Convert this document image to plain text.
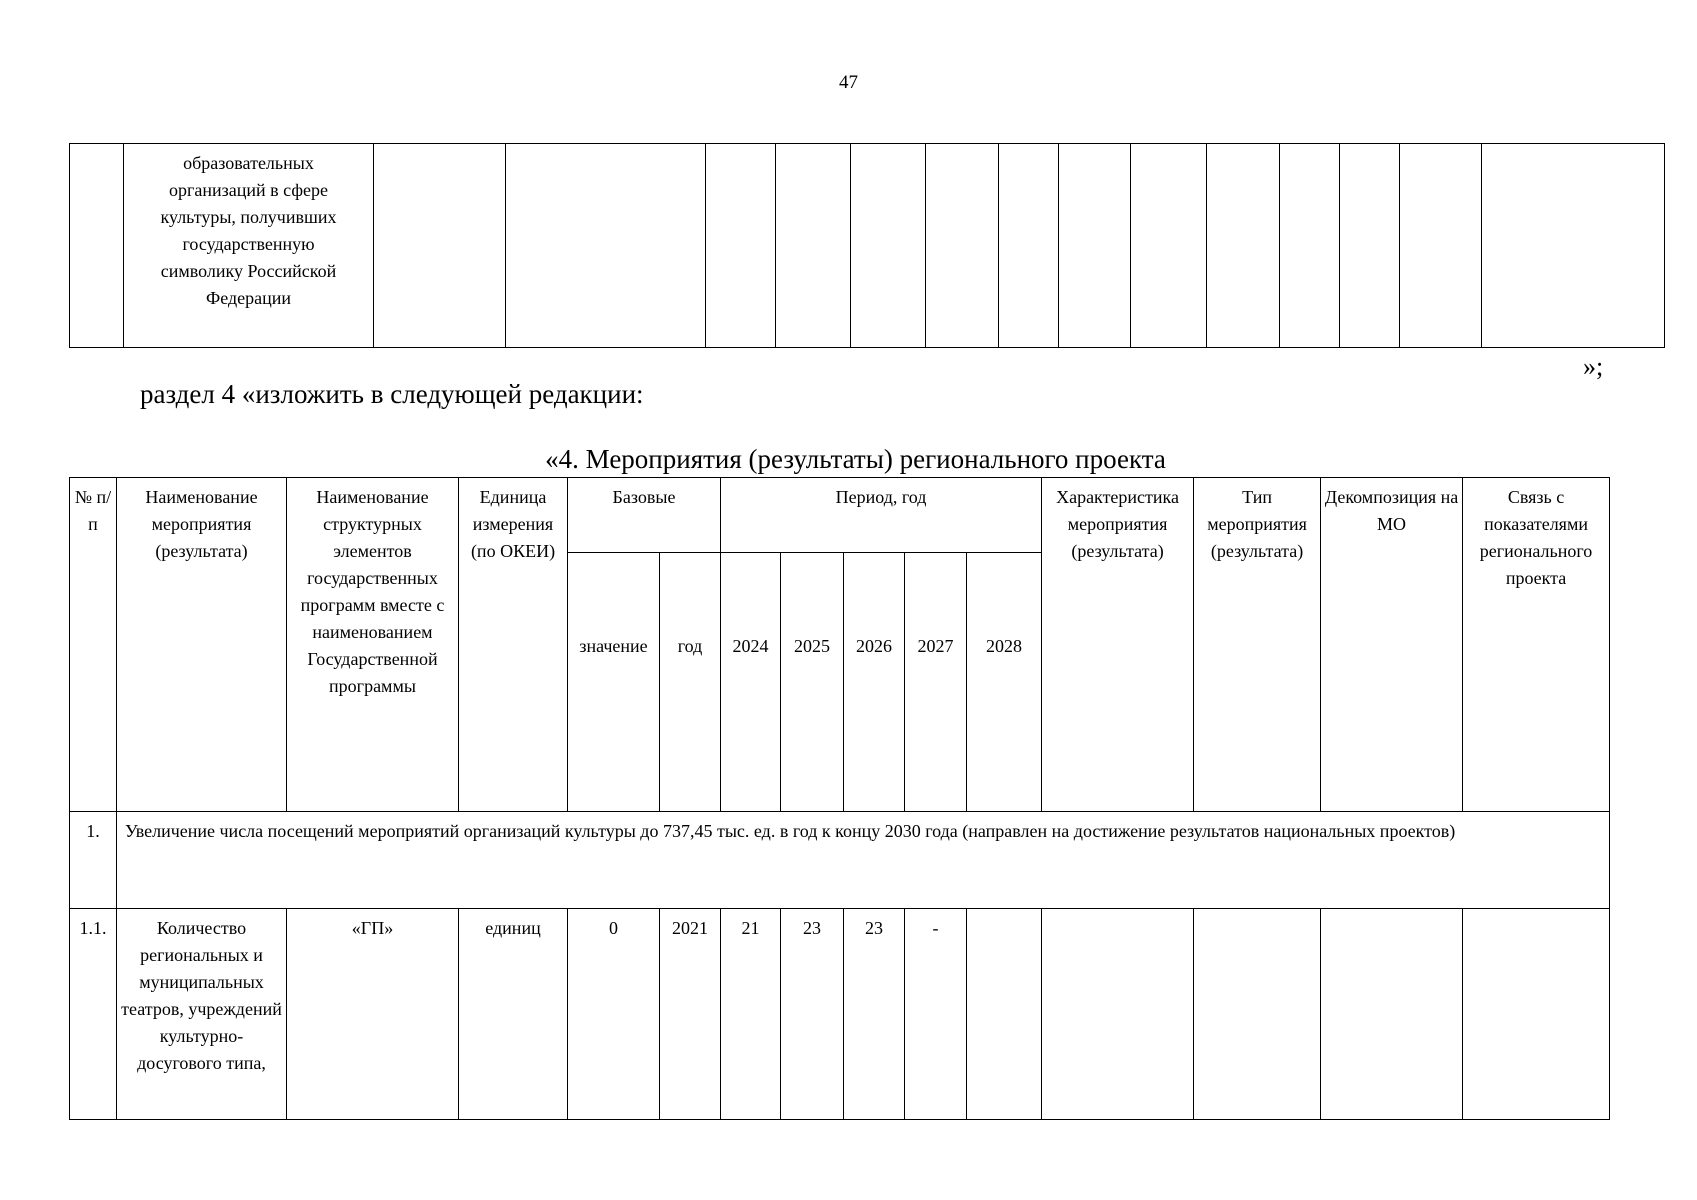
47
	образовательных организаций в сфере культуры, получивших государственную символику Российской Федерации														
»;
раздел 4 «изложить в следующей редакции:
«4. Мероприятия (результаты) регионального проекта
№ п/п	Наименование мероприятия (результата)	Наименование структурных элементов государственных программ вместе с наименованием Государственной программы	Единица измерения (по ОКЕИ)	Базовые		Период, год					Характеристика мероприятия (результата)	Тип мероприятия (результата)	Декомпозиция на МО	Связь с показателями регионального проекта
				значение	год	2024	2025	2026	2027	2028				
1.	Увеличение числа посещений мероприятий организаций культуры до 737,45 тыс. ед. в год к концу 2030 года (направлен на достижение результатов национальных проектов)													
1.1.	Количество региональных и муниципальных театров, учреждений культурно-досугового типа,	«ГП»	единиц	0	2021	21	23	23	-					
